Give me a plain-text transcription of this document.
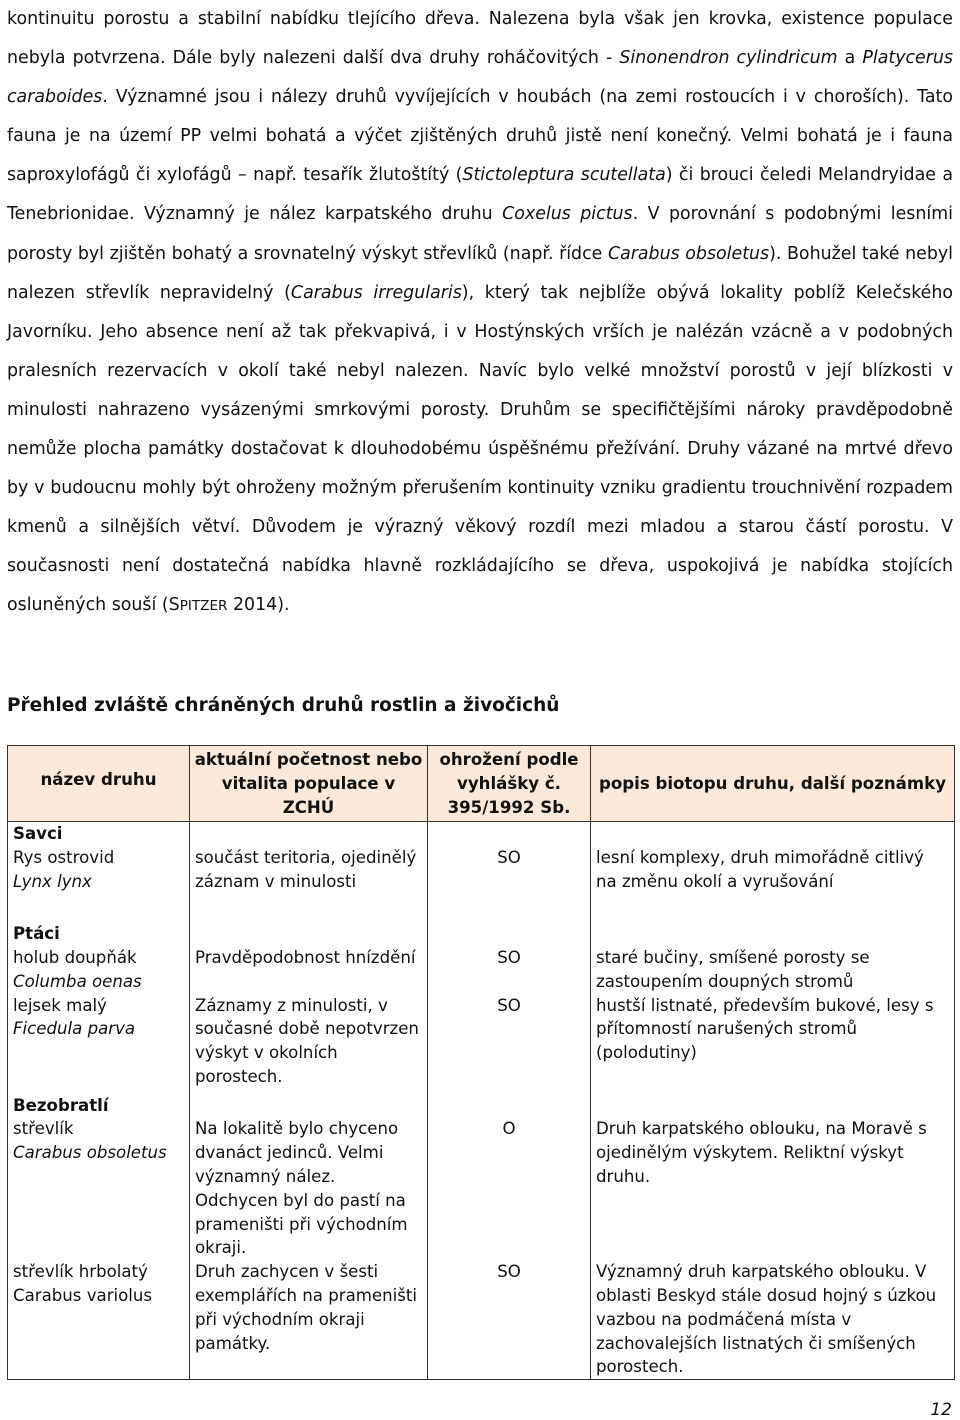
kontinuitu porostu a stabilní nabídku tlejícího dřeva. Nalezena byla však jen krovka, existence populace nebyla potvrzena. Dále byly nalezeni další dva druhy roháčovitých - Sinonendron cylindricum a Platycerus caraboides. Významné jsou i nálezy druhů vyvíjejících v houbách (na zemi rostoucích i v choroších). Tato fauna je na území PP velmi bohatá a výčet zjištěných druhů jistě není konečný. Velmi bohatá je i fauna saproxylofágů či xylofágů – např. tesařík žlutoštítý (Stictoleptura scutellata) či brouci čeledi Melandryidae a Tenebrionidae. Významný je nález karpatského druhu Coxelus pictus. V porovnání s podobnými lesními porosty byl zjištěn bohatý a srovnatelný výskyt střevlíků (např. řídce Carabus obsoletus). Bohužel také nebyl nalezen střevlík nepravidelný (Carabus irregularis), který tak nejblíže obývá lokality poblíž Kelečského Javorníku. Jeho absence není až tak překvapivá, i v Hostýnských vrších je nalézán vzácně a v podobných pralesních rezervacích v okolí také nebyl nalezen. Navíc bylo velké množství porostů v její blízkosti v minulosti nahrazeno vysázenými smrkovými porosty. Druhům se specifičtějšími nároky pravděpodobně nemůže plocha památky dostačovat k dlouhodobému úspěšnému přežívání. Druhy vázané na mrtvé dřevo by v budoucnu mohly být ohroženy možným přerušením kontinuity vzniku gradientu trouchnivění rozpadem kmenů a silnějších větví. Důvodem je výrazný věkový rozdíl mezi mladou a starou částí porostu. V současnosti není dostatečná nabídka hlavně rozkládajícího se dřeva, uspokojivá je nabídka stojících osluněných souší (SPITZER 2014).

Přehled zvláště chráněných druhů rostlin a živočichů
název druhu	aktuální početnost nebo vitalita populace v ZCHÚ	ohrožení podle vyhlášky č. 395/1992 Sb.	popis biotopu druhu, další poznámky
Savci			
Rys ostrovid
Lynx lynx	součást teritoria, ojedinělý záznam v minulosti	SO	lesní komplexy, druh mimořádně citlivý na změnu okolí a vyrušování
Ptáci			
holub doupňák
Columba oenas	Pravděpodobnost hnízdění	SO	staré bučiny, smíšené porosty se zastoupením doupných stromů
lejsek malý
Ficedula parva	Záznamy z minulosti, v současné době nepotvrzen výskyt v okolních porostech.	SO	hustší listnaté, především bukové, lesy s přítomností narušených stromů (polodutiny)
Bezobratlí			
střevlík
Carabus obsoletus	Na lokalitě bylo chyceno dvanáct jedinců. Velmi významný nález. Odchycen byl do pastí na prameništi při východním okraji.	O	Druh karpatského oblouku, na Moravě s ojedinělým výskytem. Reliktní výskyt druhu.
střevlík hrbolatý
Carabus variolus	Druh zachycen v šesti exemplářích na prameništi při východním okraji památky.	SO	Významný druh karpatského oblouku. V oblasti Beskyd stále dosud hojný s úzkou vazbou na podmáčená místa v zachovalejších listnatých či smíšených porostech.
12
